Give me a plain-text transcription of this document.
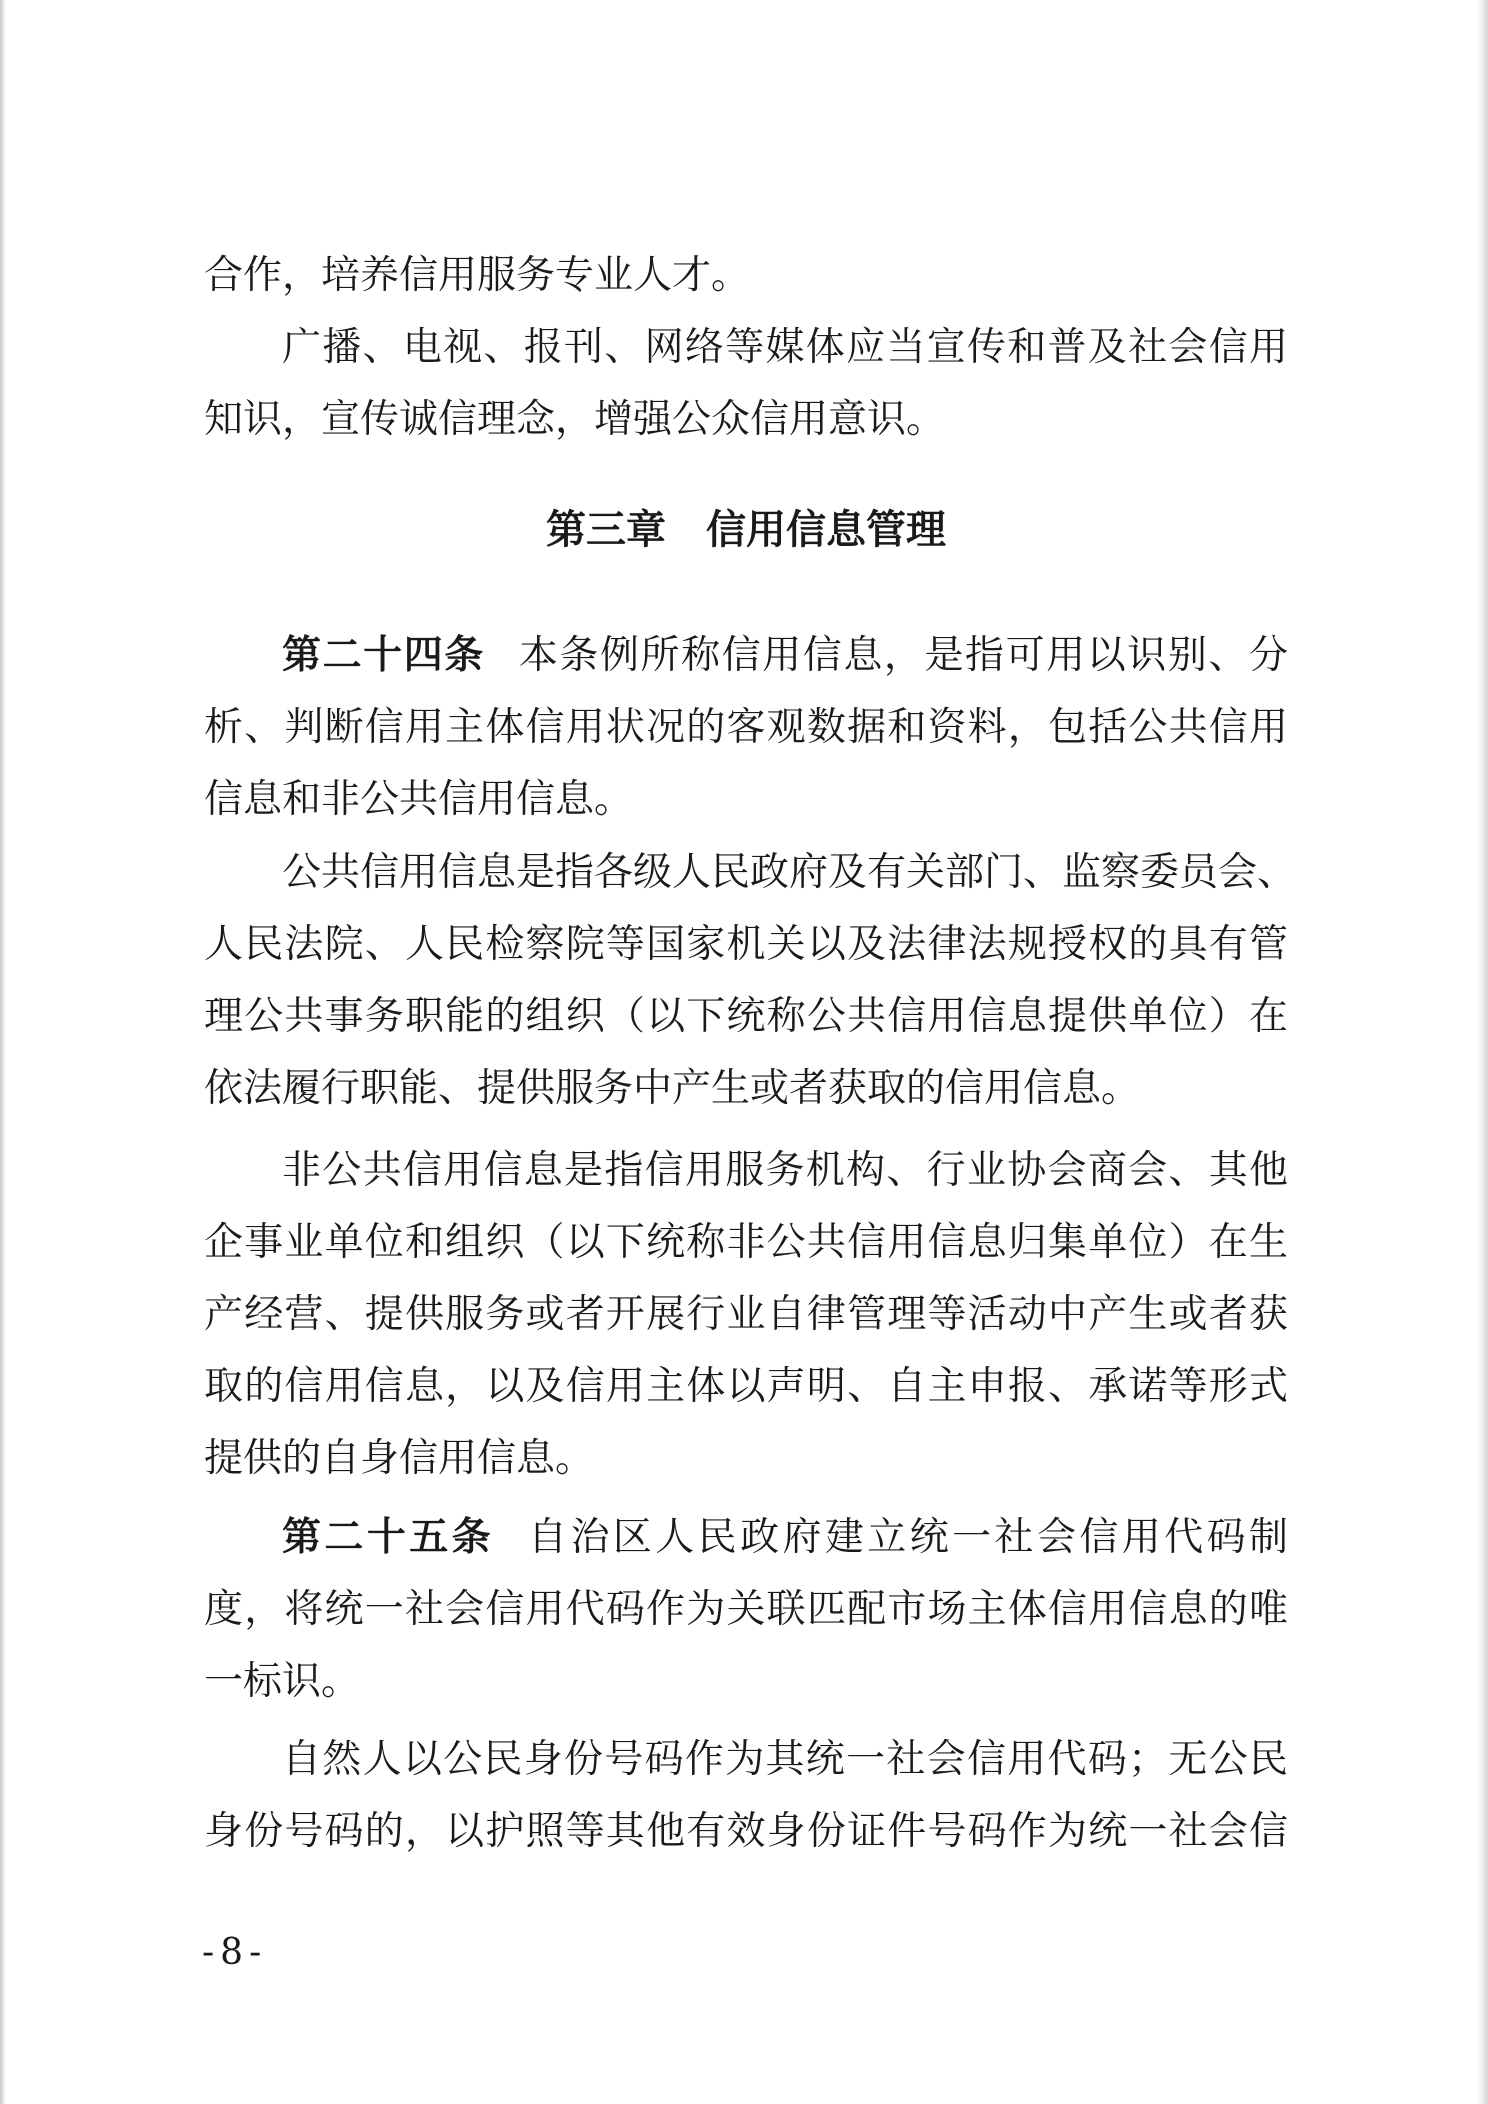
合作，培养信用服务专业人才。
广播、电视、报刊、网络等媒体应当宣传和普及社会信用
知识，宣传诚信理念，增强公众信用意识。
第三章　信用信息管理
第二十四条 本条例所称信用信息，是指可用以识别、分
析、判断信用主体信用状况的客观数据和资料，包括公共信用
信息和非公共信用信息。
公共信用信息是指各级人民政府及有关部门、监察委员会、
人民法院、人民检察院等国家机关以及法律法规授权的具有管
理公共事务职能的组织（以下统称公共信用信息提供单位）在
依法履行职能、提供服务中产生或者获取的信用信息。
非公共信用信息是指信用服务机构、行业协会商会、其他
企事业单位和组织（以下统称非公共信用信息归集单位）在生
产经营、提供服务或者开展行业自律管理等活动中产生或者获
取的信用信息，以及信用主体以声明、自主申报、承诺等形式
提供的自身信用信息。
第二十五条 自治区人民政府建立统一社会信用代码制
度，将统一社会信用代码作为关联匹配市场主体信用信息的唯
一标识。
自然人以公民身份号码作为其统一社会信用代码；无公民
身份号码的，以护照等其他有效身份证件号码作为统一社会信
-8-
